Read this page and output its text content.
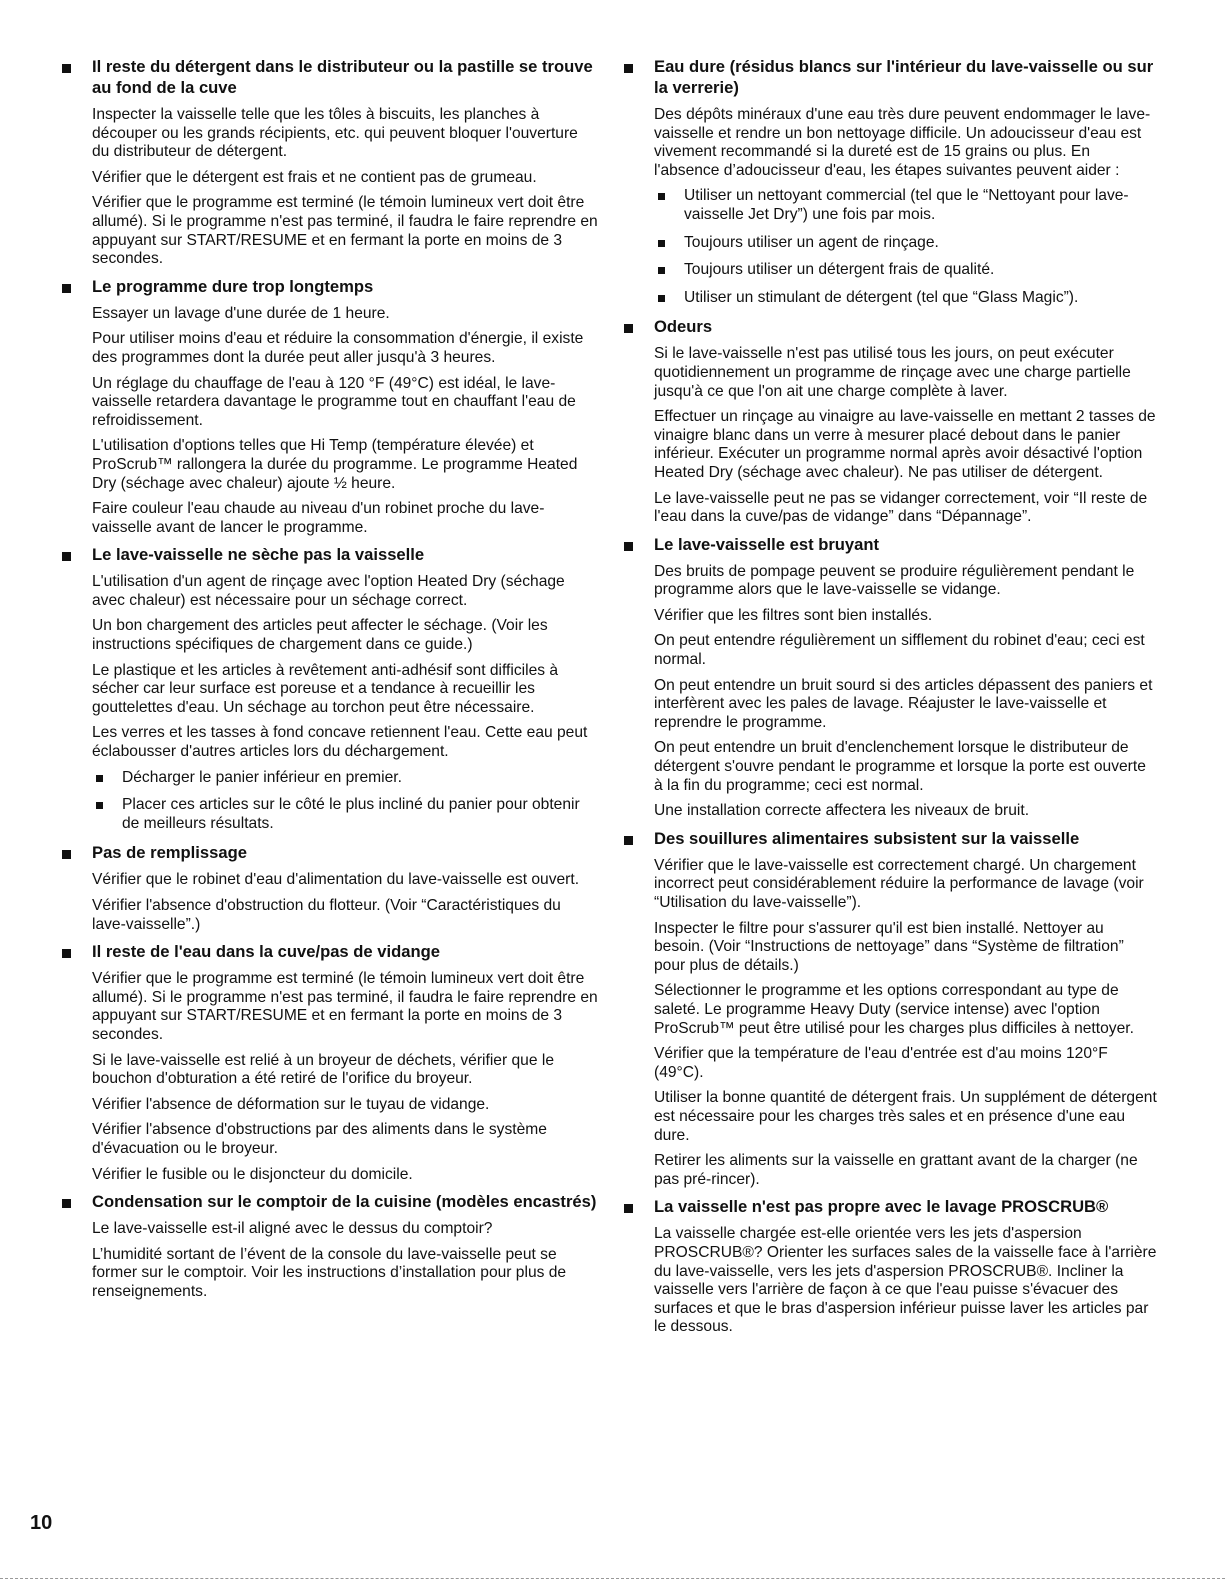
Il reste du détergent dans le distributeur ou la pastille se trouve au fond de la cuve

Inspecter la vaisselle telle que les tôles à biscuits, les planches à découper ou les grands récipients, etc. qui peuvent bloquer l'ouverture du distributeur de détergent.

Vérifier que le détergent est frais et ne contient pas de grumeau.

Vérifier que le programme est terminé (le témoin lumineux vert doit être allumé). Si le programme n'est pas terminé, il faudra le faire reprendre en appuyant sur START/RESUME et en fermant la porte en moins de 3 secondes.

Le programme dure trop longtemps

Essayer un lavage d'une durée de 1 heure.

Pour utiliser moins d'eau et réduire la consommation d'énergie, il existe des programmes dont la durée peut aller jusqu'à 3 heures.

Un réglage du chauffage de l'eau à 120 °F (49°C) est idéal, le lave-vaisselle retardera davantage le programme tout en chauffant l'eau de refroidissement.

L'utilisation d'options telles que Hi Temp (température élevée) et ProScrub™ rallongera la durée du programme. Le programme Heated Dry (séchage avec chaleur) ajoute ½ heure.

Faire couleur l'eau chaude au niveau d'un robinet proche du lave-vaisselle avant de lancer le programme.

Le lave-vaisselle ne sèche pas la vaisselle

L'utilisation d'un agent de rinçage avec l'option Heated Dry (séchage avec chaleur) est nécessaire pour un séchage correct.

Un bon chargement des articles peut affecter le séchage. (Voir les instructions spécifiques de chargement dans ce guide.)

Le plastique et les articles à revêtement anti-adhésif sont difficiles à sécher car leur surface est poreuse et a tendance à recueillir les gouttelettes d'eau. Un séchage au torchon peut être nécessaire.

Les verres et les tasses à fond concave retiennent l'eau. Cette eau peut éclabousser d'autres articles lors du déchargement.

Décharger le panier inférieur en premier.
Placer ces articles sur le côté le plus incliné du panier pour obtenir de meilleurs résultats.
Pas de remplissage

Vérifier que le robinet d'eau d'alimentation du lave-vaisselle est ouvert.

Vérifier l'absence d'obstruction du flotteur. (Voir “Caractéristiques du lave-vaisselle”.)

Il reste de l'eau dans la cuve/pas de vidange

Vérifier que le programme est terminé (le témoin lumineux vert doit être allumé). Si le programme n'est pas terminé, il faudra le faire reprendre en appuyant sur START/RESUME et en fermant la porte en moins de 3 secondes.

Si le lave-vaisselle est relié à un broyeur de déchets, vérifier que le bouchon d'obturation a été retiré de l'orifice du broyeur.

Vérifier l'absence de déformation sur le tuyau de vidange.

Vérifier l'absence d'obstructions par des aliments dans le système d'évacuation ou le broyeur.

Vérifier le fusible ou le disjoncteur du domicile.

Condensation sur le comptoir de la cuisine (modèles encastrés)

Le lave-vaisselle est-il aligné avec le dessus du comptoir?

L’humidité sortant de l’évent de la console du lave-vaisselle peut se former sur le comptoir. Voir les instructions d’installation pour plus de renseignements.

Eau dure (résidus blancs sur l'intérieur du lave-vaisselle ou sur la verrerie)

Des dépôts minéraux d'une eau très dure peuvent endommager le lave-vaisselle et rendre un bon nettoyage difficile. Un adoucisseur d'eau est vivement recommandé si la dureté est de 15 grains ou plus. En l'absence d’adoucisseur d'eau, les étapes suivantes peuvent aider :

Utiliser un nettoyant commercial (tel que le “Nettoyant pour lave-vaisselle Jet Dry”) une fois par mois.
Toujours utiliser un agent de rinçage.
Toujours utiliser un détergent frais de qualité.
Utiliser un stimulant de détergent (tel que “Glass Magic”).
Odeurs

Si le lave-vaisselle n'est pas utilisé tous les jours, on peut exécuter quotidiennement un programme de rinçage avec une charge partielle jusqu'à ce que l'on ait une charge complète à laver.

Effectuer un rinçage au vinaigre au lave-vaisselle en mettant 2 tasses de vinaigre blanc dans un verre à mesurer placé debout dans le panier inférieur. Exécuter un programme normal après avoir désactivé l'option Heated Dry (séchage avec chaleur). Ne pas utiliser de détergent.

Le lave-vaisselle peut ne pas se vidanger correctement, voir “Il reste de l'eau dans la cuve/pas de vidange” dans “Dépannage”.

Le lave-vaisselle est bruyant

Des bruits de pompage peuvent se produire régulièrement pendant le programme alors que le lave-vaisselle se vidange.

Vérifier que les filtres sont bien installés.

On peut entendre régulièrement un sifflement du robinet d'eau; ceci est normal.

On peut entendre un bruit sourd si des articles dépassent des paniers et interfèrent avec les pales de lavage. Réajuster le lave-vaisselle et reprendre le programme.

On peut entendre un bruit d'enclenchement lorsque le distributeur de détergent s'ouvre pendant le programme et lorsque la porte est ouverte à la fin du programme; ceci est normal.

Une installation correcte affectera les niveaux de bruit.

Des souillures alimentaires subsistent sur la vaisselle

Vérifier que le lave-vaisselle est correctement chargé. Un chargement incorrect peut considérablement réduire la performance de lavage (voir “Utilisation du lave-vaisselle”).

Inspecter le filtre pour s'assurer qu'il est bien installé. Nettoyer au besoin. (Voir “Instructions de nettoyage” dans “Système de filtration” pour plus de détails.)

Sélectionner le programme et les options correspondant au type de saleté. Le programme Heavy Duty (service intense) avec l'option ProScrub™ peut être utilisé pour les charges plus difficiles à nettoyer.

Vérifier que la température de l'eau d'entrée est d'au moins 120°F (49°C).

Utiliser la bonne quantité de détergent frais. Un supplément de détergent est nécessaire pour les charges très sales et en présence d'une eau dure.

Retirer les aliments sur la vaisselle en grattant avant de la charger (ne pas pré-rincer).

La vaisselle n'est pas propre avec le lavage PROSCRUB®

La vaisselle chargée est-elle orientée vers les jets d'aspersion PROSCRUB®? Orienter les surfaces sales de la vaisselle face à l'arrière du lave-vaisselle, vers les jets d'aspersion PROSCRUB®. Incliner la vaisselle vers l'arrière de façon à ce que l'eau puisse s'évacuer des surfaces et que le bras d'aspersion inférieur puisse laver les articles par le dessous.

10
